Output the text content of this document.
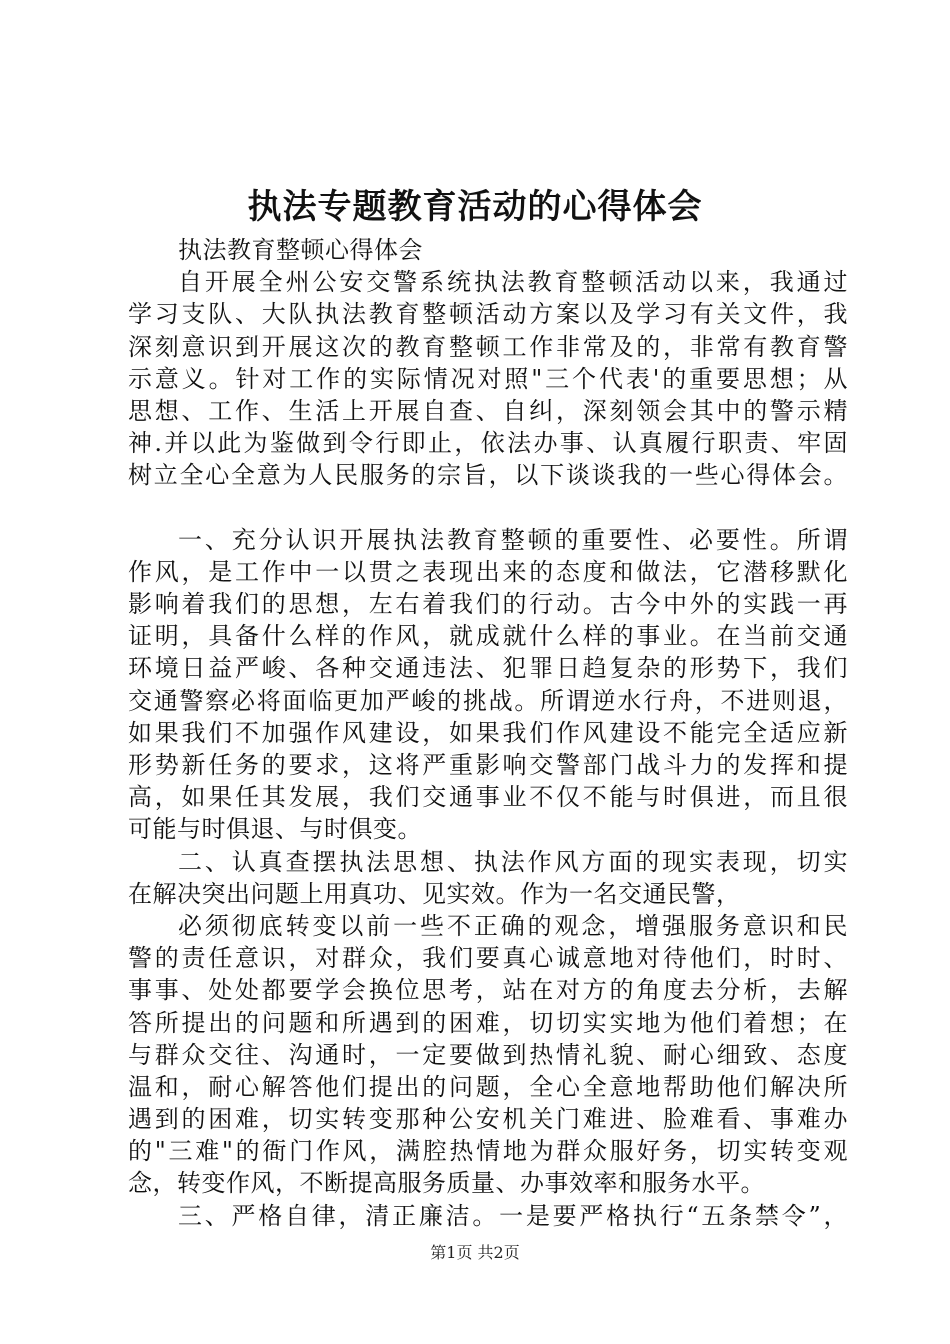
执法专题教育活动的心得体会
执法教育整顿心得体会
自开展全州公安交警系统执法教育整顿活动以来，我通过
学习支队、大队执法教育整顿活动方案以及学习有关文件，我
深刻意识到开展这次的教育整顿工作非常及的，非常有教育警
示意义。针对工作的实际情况对照"三个代表'的重要思想；从
思想、工作、生活上开展自查、自纠，深刻领会其中的警示精
神.并以此为鉴做到令行即止，依法办事、认真履行职责、牢固
树立全心全意为人民服务的宗旨，以下谈谈我的一些心得体会。
一、充分认识开展执法教育整顿的重要性、必要性。所谓
作风，是工作中一以贯之表现出来的态度和做法，它潜移默化
影响着我们的思想，左右着我们的行动。古今中外的实践一再
证明，具备什么样的作风，就成就什么样的事业。在当前交通
环境日益严峻、各种交通违法、犯罪日趋复杂的形势下，我们
交通警察必将面临更加严峻的挑战。所谓逆水行舟，不进则退，
如果我们不加强作风建设，如果我们作风建设不能完全适应新
形势新任务的要求，这将严重影响交警部门战斗力的发挥和提
高，如果任其发展，我们交通事业不仅不能与时俱进，而且很
可能与时俱退、与时俱变。
二、认真查摆执法思想、执法作风方面的现实表现，切实
在解决突出问题上用真功、见实效。作为一名交通民警，
必须彻底转变以前一些不正确的观念，增强服务意识和民
警的责任意识，对群众，我们要真心诚意地对待他们，时时、
事事、处处都要学会换位思考，站在对方的角度去分析，去解
答所提出的问题和所遇到的困难，切切实实地为他们着想；在
与群众交往、沟通时，一定要做到热情礼貌、耐心细致、态度
温和，耐心解答他们提出的问题，全心全意地帮助他们解决所
遇到的困难，切实转变那种公安机关门难进、脸难看、事难办
的"三难"的衙门作风，满腔热情地为群众服好务，切实转变观
念，转变作风，不断提高服务质量、办事效率和服务水平。
三、严格自律，清正廉洁。一是要严格执行“五条禁令”，
第1页 共2页
